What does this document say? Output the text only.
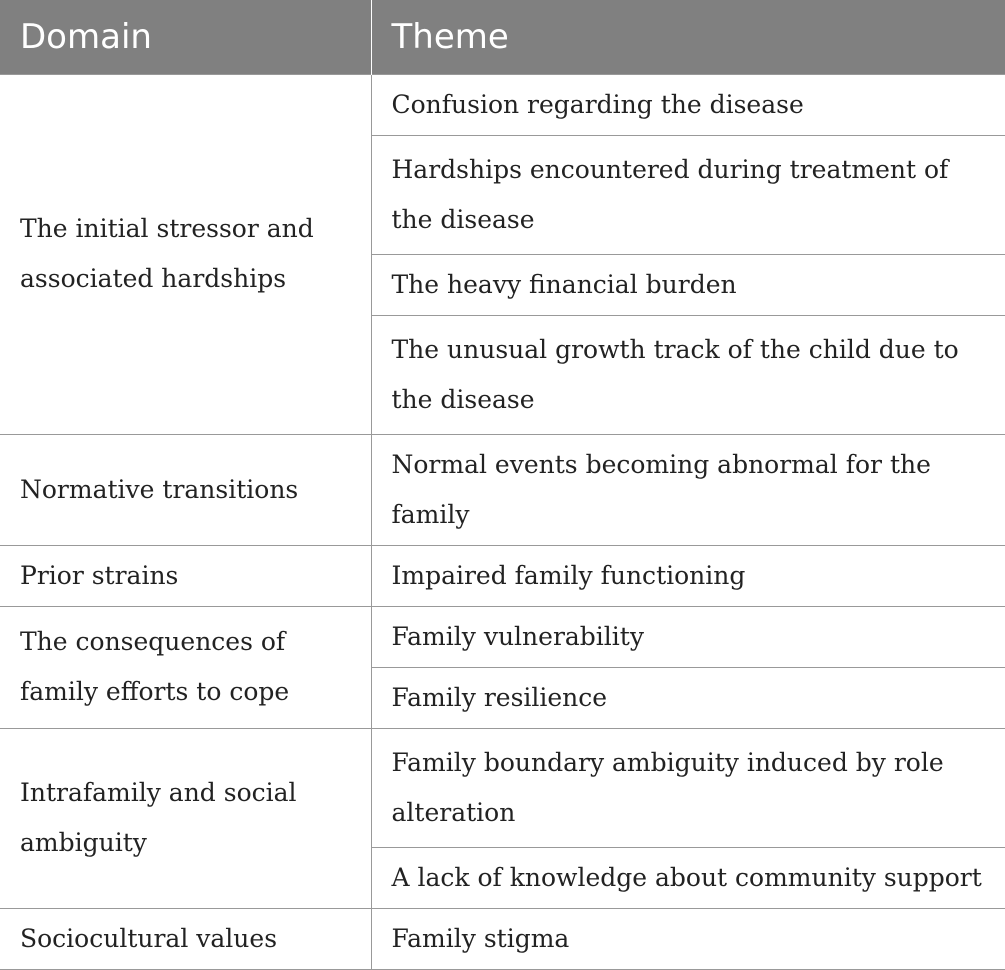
Domain	Theme
The initial stressor and associated hardships	Confusion regarding the disease
	Hardships encountered during treatment of the disease
	The heavy financial burden
	The unusual growth track of the child due to the disease
Normative transitions	Normal events becoming abnormal for the family
Prior strains	Impaired family functioning
The consequences of family efforts to cope	Family vulnerability
	Family resilience
Intrafamily and social ambiguity	Family boundary ambiguity induced by role alteration
	A lack of knowledge about community support
Sociocultural values	Family stigma
